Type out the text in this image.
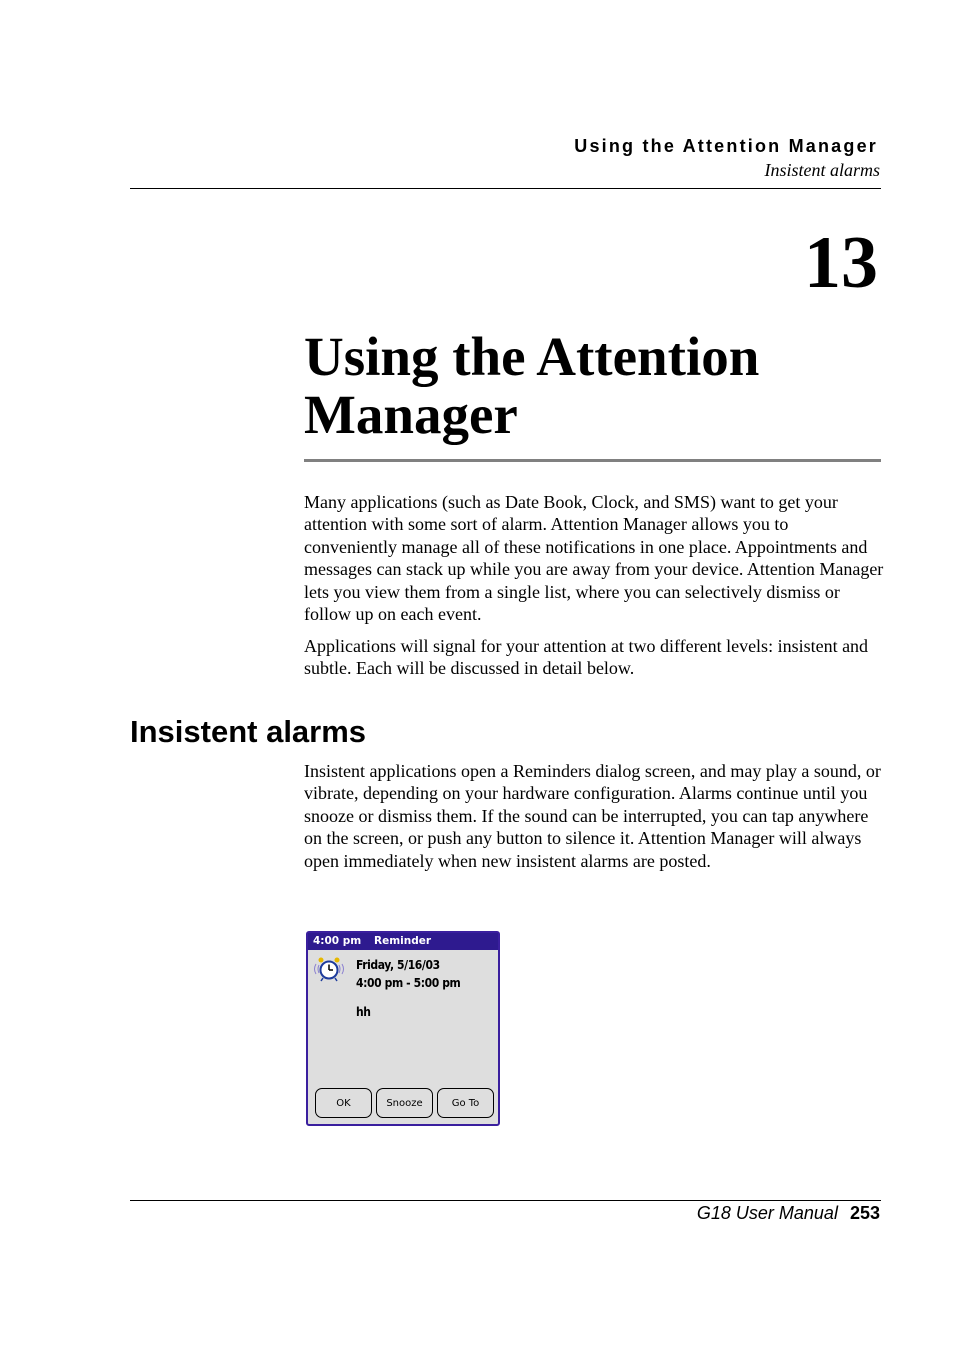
Using the Attention Manager
Insistent alarms
13
Using the Attention
Manager

Many applications (such as Date Book, Clock, and SMS) want to get your attention with some sort of alarm. Attention Manager allows you to conveniently manage all of these notifications in one place. Appointments and messages can stack up while you are away from your device. Attention Manager lets you view them from a single list, where you can selectively dismiss or follow up on each event.

Applications will signal for your attention at two different levels: insistent and subtle. Each will be discussed in detail below.

Insistent alarms

Insistent applications open a Reminders dialog screen, and may play a sound, or vibrate, depending on your hardware configuration. Alarms continue until you snooze or dismiss them. If the sound can be interrupted, you can tap anywhere on the screen, or push any button to silence it. Attention Manager will always open immediately when new insistent alarms are posted.

4:00 pm Reminder
Friday, 5/16/03
4:00 pm - 5:00 pm
hh
OK	Snooze	Go To
G18 User Manual 253
